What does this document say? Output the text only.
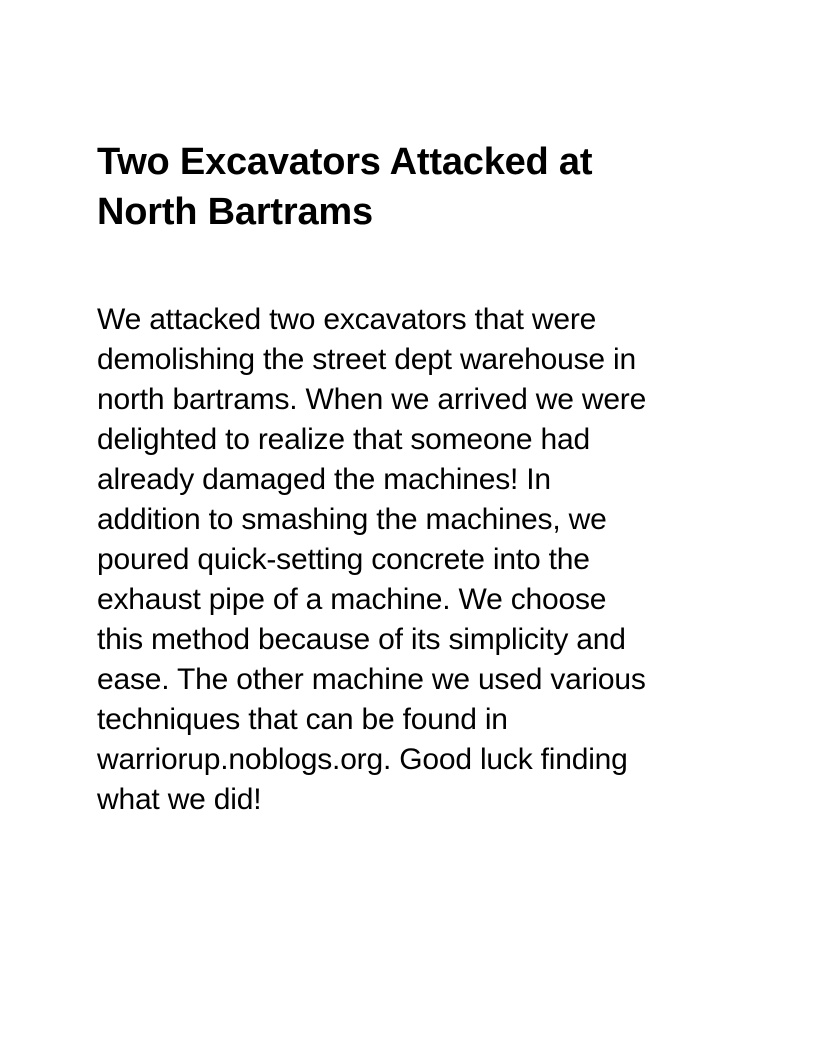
Two Excavators Attacked at
North Bartrams
We attacked two excavators that were
demolishing the street dept warehouse in
north bartrams. When we arrived we were
delighted to realize that someone had
already damaged the machines! In
addition to smashing the machines, we
poured quick-setting concrete into the
exhaust pipe of a machine. We choose
this method because of its simplicity and
ease. The other machine we used various
techniques that can be found in
warriorup.noblogs.org. Good luck finding
what we did!
